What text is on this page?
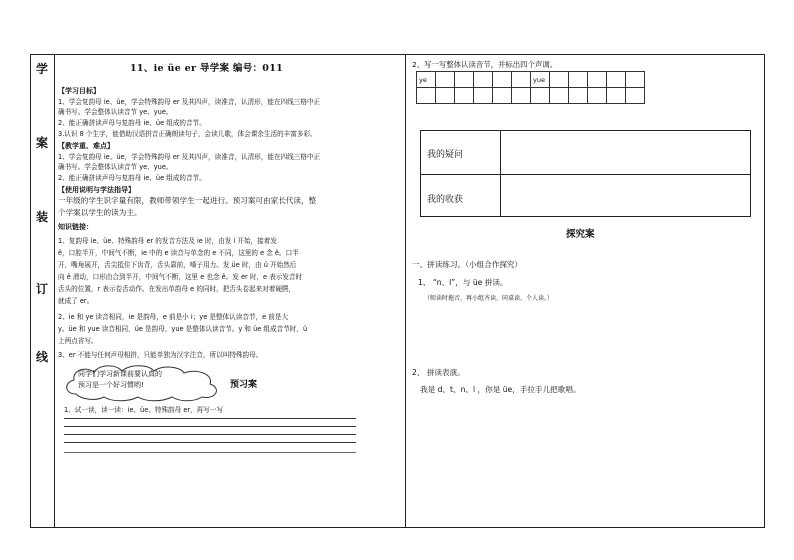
学
案
装
订
线
11、ie üe er 导学案 编号：011
【学习目标】
1、学会复韵母 ie、üe，学会特殊韵母 er 及其四声，读准音，认清形，能在四线三格中正
确书写。学会整体认读音节 ye、yue。
2、能正确拼读声母与复韵母 ie、üe 组成的音节。
3.认识 8 个生字，能借助汉语拼音正确朗读句子，会读儿歌，体会课余生活的丰富多彩。
【教学重、难点】
1、学会复韵母 ie、üe，学会特殊韵母 er 及其四声，读准音，认清形，能在四线三格中正
确书写。学会整体认读音节 ye、yue。
2、能正确拼读声母与复韵母 ie、üe 组成的音节。
【使用说明与学法指导】
一年级的学生识字量有限，教师带领学生一起进行。预习案可由家长代读，整
个学案以学生的读为主。
知识链接：
1、复韵母 ie、üe、特殊韵母 er 的发音方法及 ie 时，由发 i 开始，接着发
ê，口腔半开，中间气不断，ie 中的 e 读音与单念的 e 不同，这里的 e 念 ê。口半
开，嘴角展开，舌尖抵住下齿背，舌头靠前，嗓子用力。发 üe 时，由 ü 开始然后
向 ê 滑动，口形由合到半开，中间气不断，这里 e 也念 ê。发 er 时，e 表示发音时
舌头的位置，r 表示卷舌动作。在发出单韵母 e 的同时，把舌头卷起来对着硬腭，
就成了 er。
2、ie 和 ye 读音相同，ie 是韵母，e 前是小 i；ye 是整体认读音节，e 前是大
y。üe 和 yue 读音相同，üe 是韵母，yue 是整体认读音节。y 和 üe 组成音节时，ü
上两点省写。
3、er 不能与任何声母相拼，只能单独为汉字注音，所以叫特殊韵母。
同学们学习新课前要认真的
预习是一个好习惯哟!	预习案
1、试一读，读一读：ie、üe、特殊韵母 er，再写一写
2、写一写整体认读音节，并标出四个声调。
ye						yue					

我的疑问
我的收获
探究案
一、拼读练习。（小组合作探究）
1、 “n、l”，与 üe 拼读。
（师读时拖音，再小组齐读、同桌读、个人读。）
2、 拼读表演。
我是 d、t、n、l ，你是 üe，手拉手儿把歌唱。
